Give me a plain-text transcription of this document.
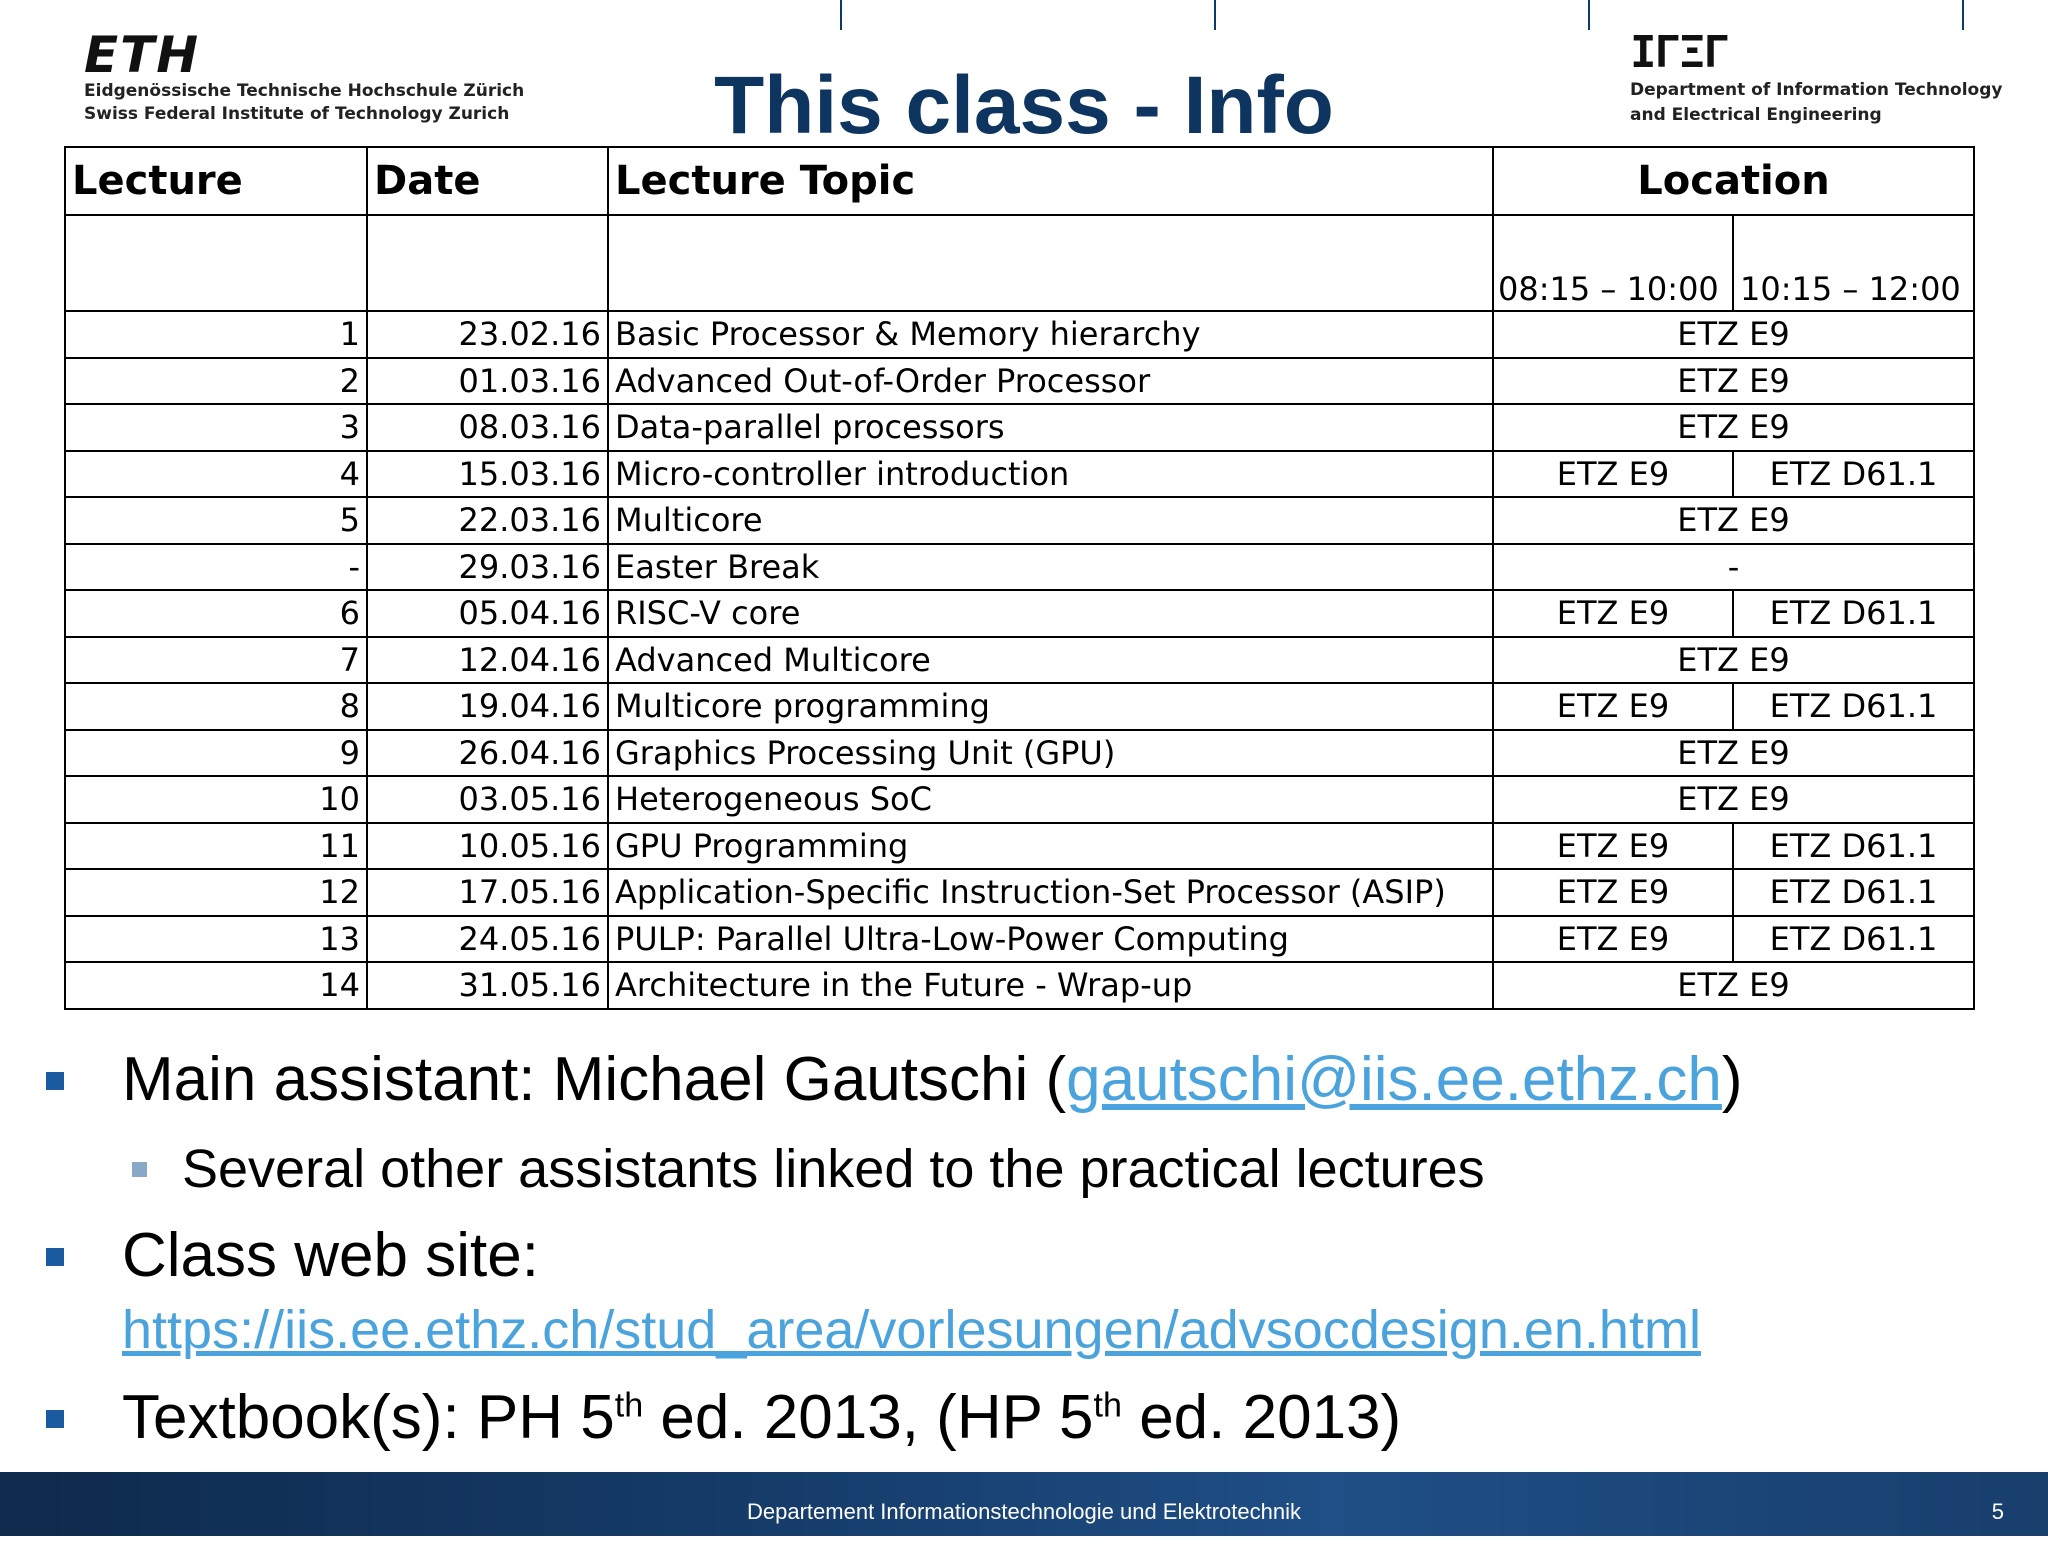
ETH
Eidgenössische Technische Hochschule Zürich
Swiss Federal Institute of Technology Zurich
IΓΞΓ
Department of Information Technology
and Electrical Engineering
This class - Info
Lecture	Date	Lecture Topic	Location	
			08:15 – 10:00	10:15 – 12:00
1	23.02.16	Basic Processor & Memory hierarchy	ETZ E9	
2	01.03.16	Advanced Out-of-Order Processor	ETZ E9	
3	08.03.16	Data-parallel processors	ETZ E9	
4	15.03.16	Micro-controller introduction	ETZ E9	ETZ D61.1
5	22.03.16	Multicore	ETZ E9	
-	29.03.16	Easter Break	-	
6	05.04.16	RISC-V core	ETZ E9	ETZ D61.1
7	12.04.16	Advanced Multicore	ETZ E9	
8	19.04.16	Multicore programming	ETZ E9	ETZ D61.1
9	26.04.16	Graphics Processing Unit (GPU)	ETZ E9	
10	03.05.16	Heterogeneous SoC	ETZ E9	
11	10.05.16	GPU Programming	ETZ E9	ETZ D61.1
12	17.05.16	Application-Specific Instruction-Set Processor (ASIP)	ETZ E9	ETZ D61.1
13	24.05.16	PULP: Parallel Ultra-Low-Power Computing	ETZ E9	ETZ D61.1
14	31.05.16	Architecture in the Future - Wrap-up	ETZ E9	
Main assistant: Michael Gautschi (gautschi@iis.ee.ethz.ch)
Several other assistants linked to the practical lectures
Class web site:
https://iis.ee.ethz.ch/stud_area/vorlesungen/advsocdesign.en.html
Textbook(s): PH 5th ed. 2013, (HP 5th ed. 2013)
Departement Informationstechnologie und Elektrotechnik	5
